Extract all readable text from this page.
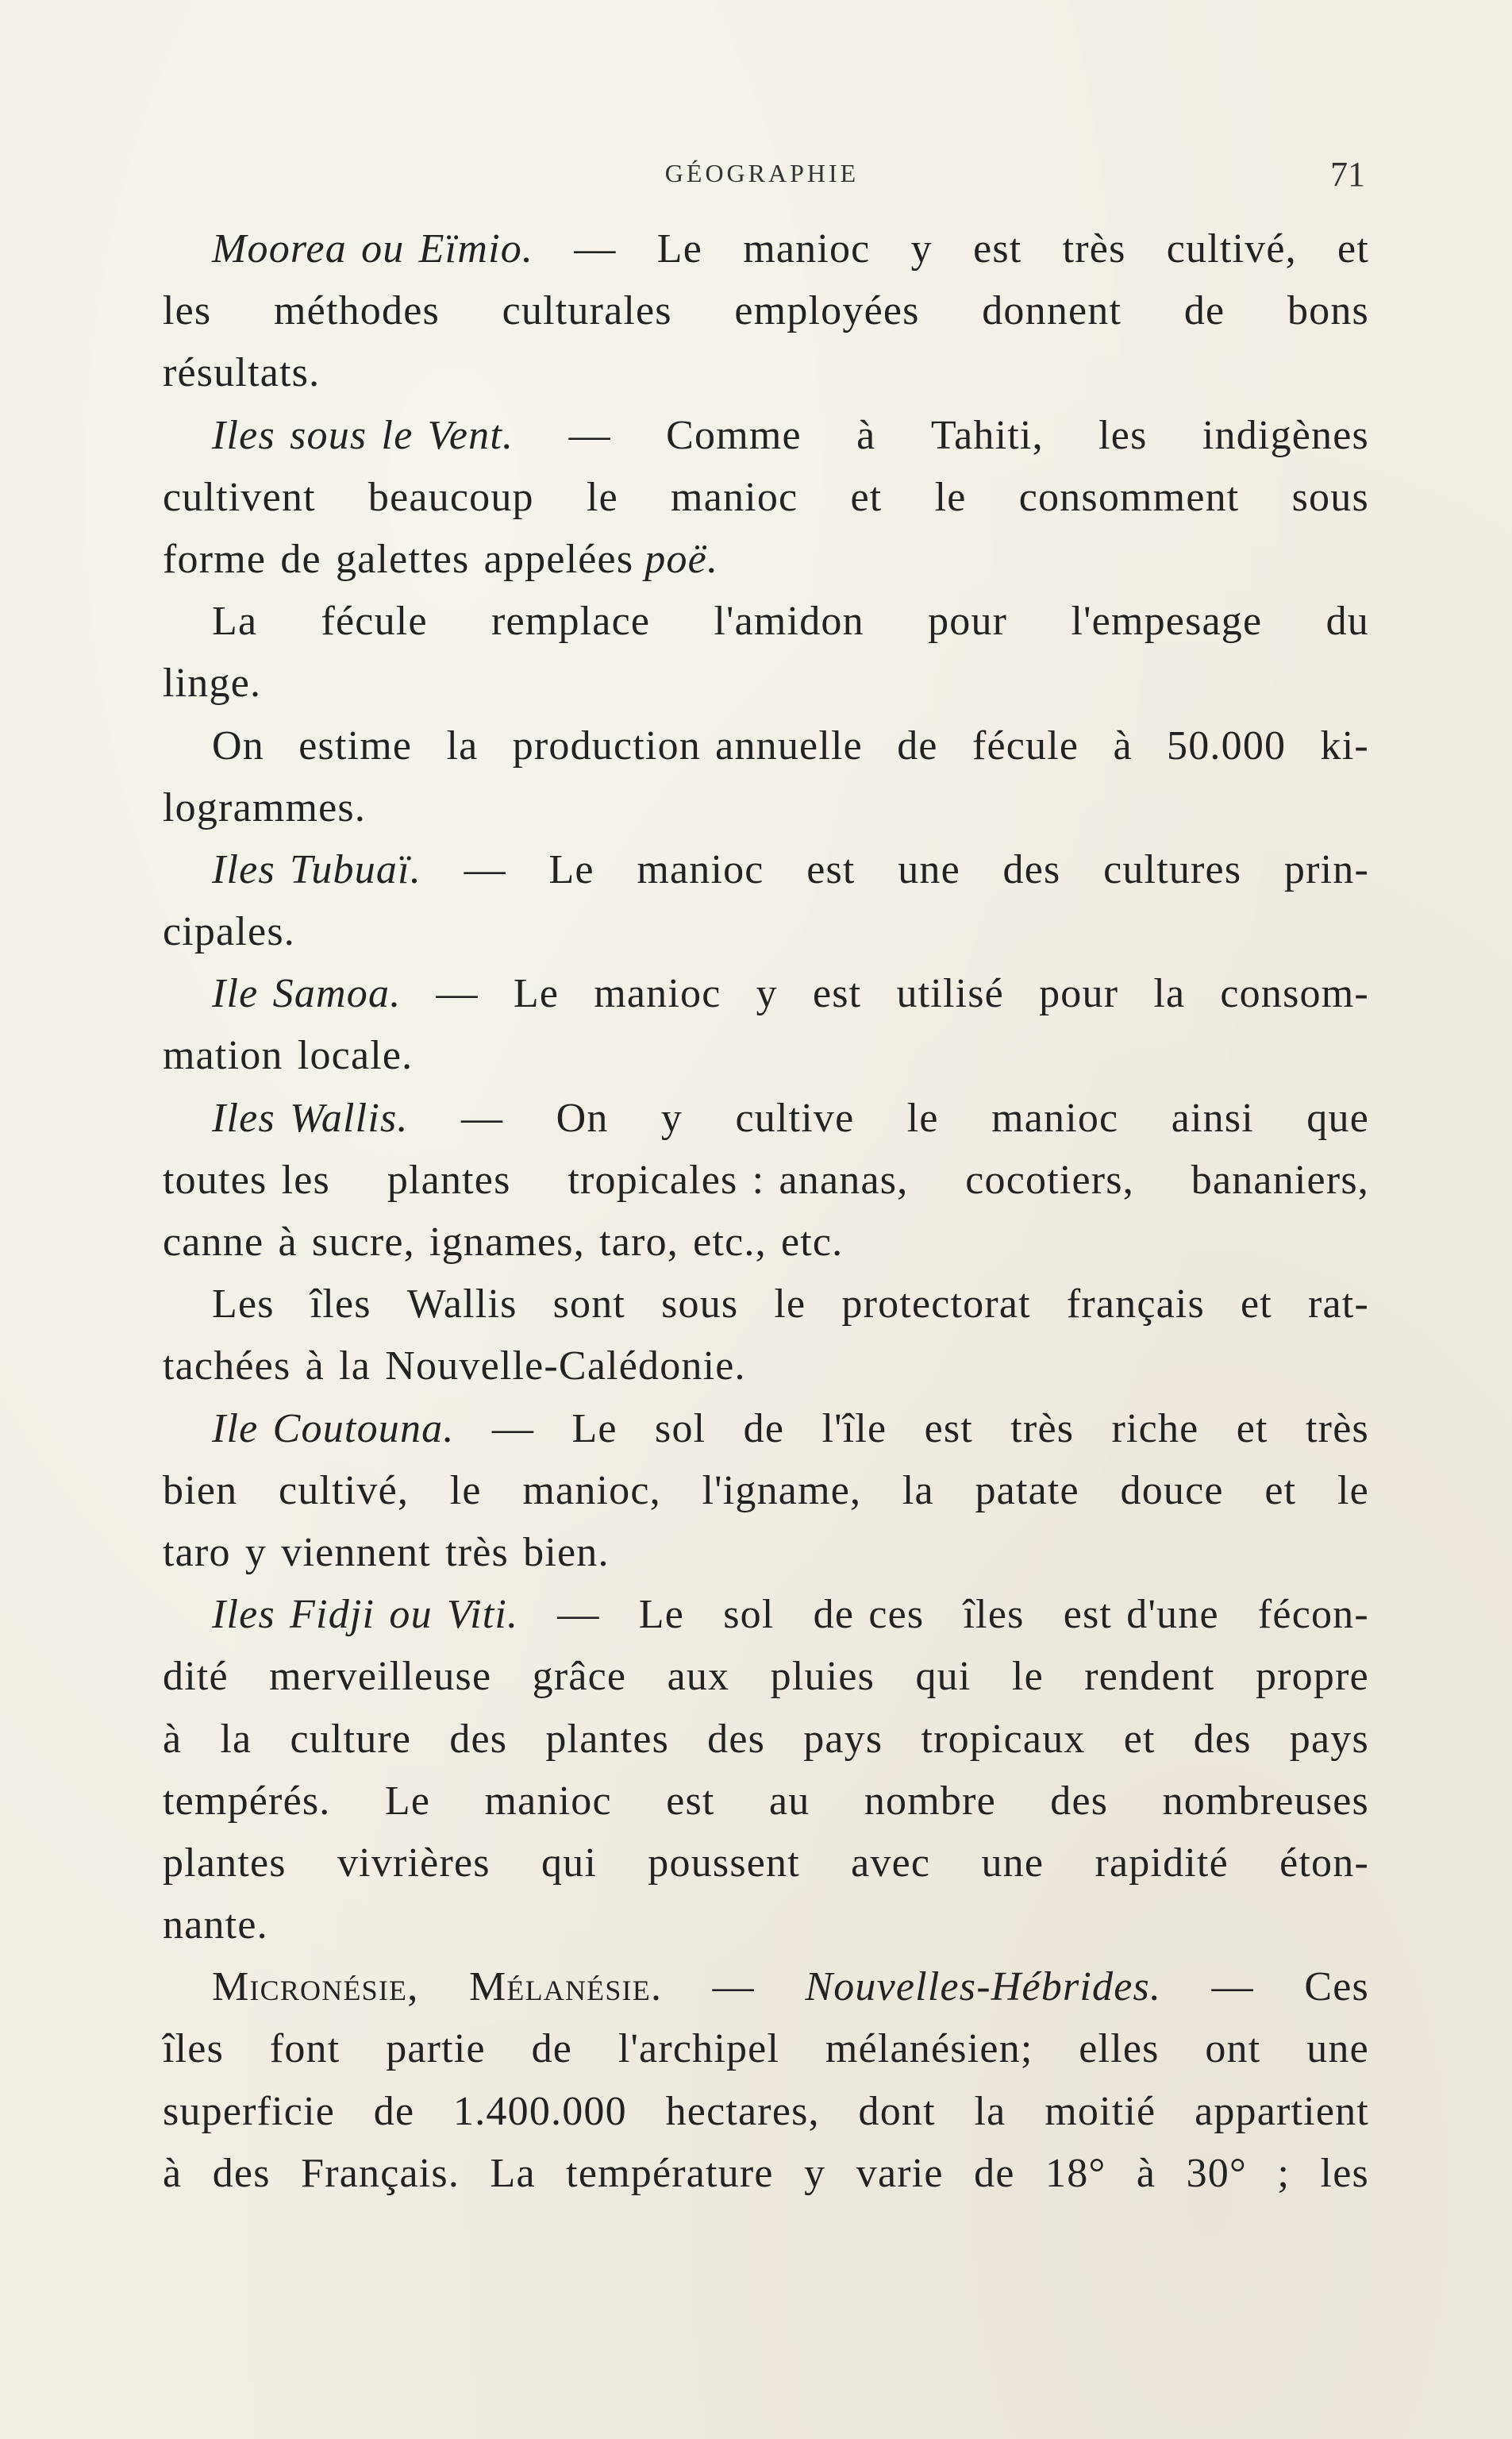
GÉOGRAPHIE	71
Moorea ou Eïmio. — Le manioc y est très cultivé, et
les méthodes culturales employées donnent de bons
résultats.
Iles sous le Vent. — Comme à Tahiti, les indigènes
cultivent beaucoup le manioc et le consomment sous
forme de galettes appelées poë.
La fécule remplace l'amidon pour l'empesage du
linge.
On estime la production annuelle de fécule à 50.000 ki-
logrammes.
Iles Tubuaï. — Le manioc est une des cultures prin-
cipales.
Ile Samoa. — Le manioc y est utilisé pour la consom-
mation locale.
Iles Wallis. — On y cultive le manioc ainsi que
toutes les plantes tropicales : ananas, cocotiers, bananiers,
canne à sucre, ignames, taro, etc., etc.
Les îles Wallis sont sous le protectorat français et rat-
tachées à la Nouvelle-Calédonie.
Ile Coutouna. — Le sol de l'île est très riche et très
bien cultivé, le manioc, l'igname, la patate douce et le
taro y viennent très bien.
Iles Fidji ou Viti. — Le sol de ces îles est d'une fécon-
dité merveilleuse grâce aux pluies qui le rendent propre
à la culture des plantes des pays tropicaux et des pays
tempérés. Le manioc est au nombre des nombreuses
plantes vivrières qui poussent avec une rapidité éton-
nante.
Micronésie, Mélanésie. — Nouvelles-Hébrides. — Ces
îles font partie de l'archipel mélanésien; elles ont une
superficie de 1.400.000 hectares, dont la moitié appartient
à des Français. La température y varie de 18° à 30° ; les
